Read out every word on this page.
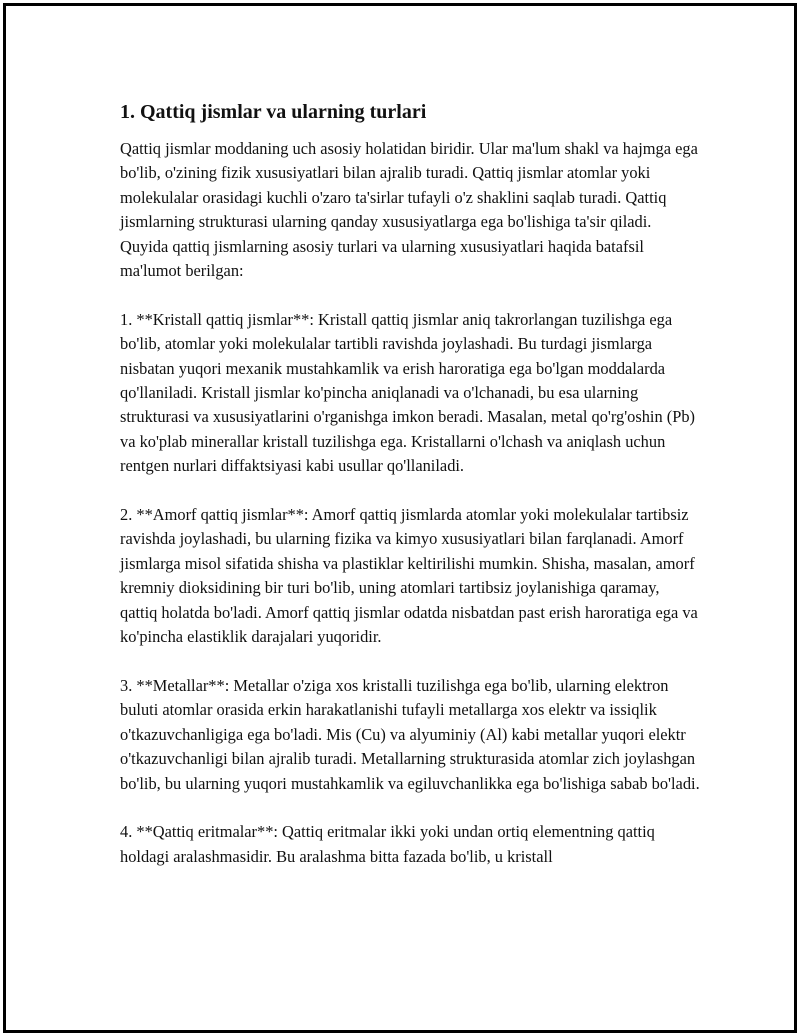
1. Qattiq jismlar va ularning turlari

Qattiq jismlar moddaning uch asosiy holatidan biridir. Ular ma'lum shakl va hajmga ega bo'lib, o'zining fizik xususiyatlari bilan ajralib turadi. Qattiq jismlar atomlar yoki molekulalar orasidagi kuchli o'zaro ta'sirlar tufayli o'z shaklini saqlab turadi. Qattiq jismlarning strukturasi ularning qanday xususiyatlarga ega bo'lishiga ta'sir qiladi. Quyida qattiq jismlarning asosiy turlari va ularning xususiyatlari haqida batafsil ma'lumot berilgan:

1. **Kristall qattiq jismlar**: Kristall qattiq jismlar aniq takrorlangan tuzilishga ega bo'lib, atomlar yoki molekulalar tartibli ravishda joylashadi. Bu turdagi jismlarga nisbatan yuqori mexanik mustahkamlik va erish haroratiga ega bo'lgan moddalarda qo'llaniladi. Kristall jismlar ko'pincha aniqlanadi va o'lchanadi, bu esa ularning strukturasi va xususiyatlarini o'rganishga imkon beradi. Masalan, metal qo'rg'oshin (Pb) va ko'plab minerallar kristall tuzilishga ega. Kristallarni o'lchash va aniqlash uchun rentgen nurlari diffaktsiyasi kabi usullar qo'llaniladi.

2. **Amorf qattiq jismlar**: Amorf qattiq jismlarda atomlar yoki molekulalar tartibsiz ravishda joylashadi, bu ularning fizika va kimyo xususiyatlari bilan farqlanadi. Amorf jismlarga misol sifatida shisha va plastiklar keltirilishi mumkin. Shisha, masalan, amorf kremniy dioksidining bir turi bo'lib, uning atomlari tartibsiz joylanishiga qaramay, qattiq holatda bo'ladi. Amorf qattiq jismlar odatda nisbatdan past erish haroratiga ega va ko'pincha elastiklik darajalari yuqoridir.

3. **Metallar**: Metallar o'ziga xos kristalli tuzilishga ega bo'lib, ularning elektron buluti atomlar orasida erkin harakatlanishi tufayli metallarga xos elektr va issiqlik o'tkazuvchanligiga ega bo'ladi. Mis (Cu) va alyuminiy (Al) kabi metallar yuqori elektr o'tkazuvchanligi bilan ajralib turadi. Metallarning strukturasida atomlar zich joylashgan bo'lib, bu ularning yuqori mustahkamlik va egiluvchanlikka ega bo'lishiga sabab bo'ladi.

4. **Qattiq eritmalar**: Qattiq eritmalar ikki yoki undan ortiq elementning qattiq holdagi aralashmasidir. Bu aralashma bitta fazada bo'lib, u kristall
